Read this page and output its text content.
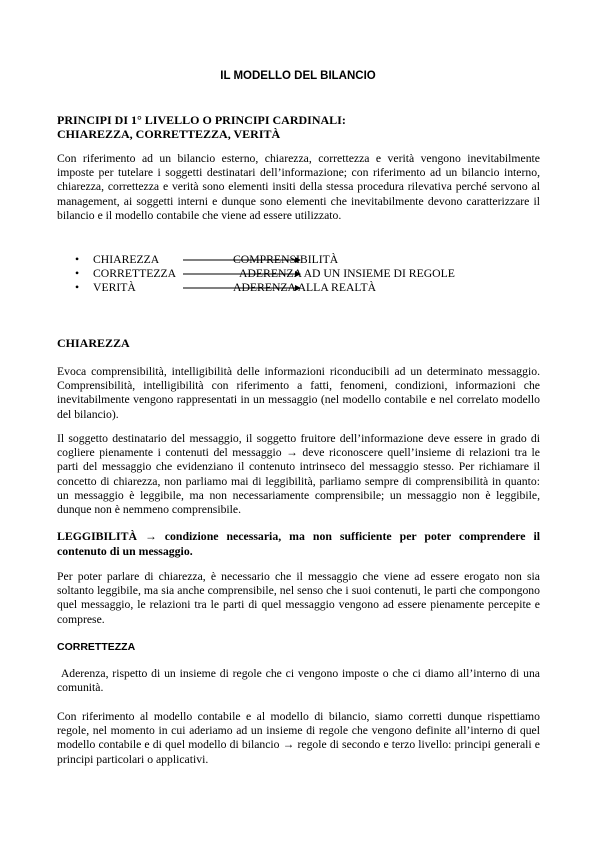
IL MODELLO DEL BILANCIO
PRINCIPI DI 1° LIVELLO O PRINCIPI CARDINALI:
CHIAREZZA, CORRETTEZZA, VERITÀ
Con riferimento ad un bilancio esterno, chiarezza, correttezza e verità vengono inevitabilmente imposte per tutelare i soggetti destinatari dell’informazione; con riferimento ad un bilancio interno, chiarezza, correttezza e verità sono elementi insiti della stessa procedura rilevativa perché servono al management, ai soggetti interni e dunque sono elementi che inevitabilmente devono caratterizzare il bilancio e il modello contabile che viene ad essere utilizzato.
• CHIAREZZA	COMPRENSIBILITÀ
• CORRETTEZZA	ADERENZA AD UN INSIEME DI REGOLE
• VERITÀ	ADERENZA ALLA REALTÀ
CHIAREZZA
Evoca comprensibilità, intelligibilità delle informazioni riconducibili ad un determinato messaggio. Comprensibilità, intelligibilità con riferimento a fatti, fenomeni, condizioni, informazioni che inevitabilmente vengono rappresentati in un messaggio (nel modello contabile e nel correlato modello del bilancio).
Il soggetto destinatario del messaggio, il soggetto fruitore dell’informazione deve essere in grado di cogliere pienamente i contenuti del messaggio → deve riconoscere quell’insieme di relazioni tra le parti del messaggio che evidenziano il contenuto intrinseco del messaggio stesso. Per richiamare il concetto di chiarezza, non parliamo mai di leggibilità, parliamo sempre di comprensibilità in quanto: un messaggio è leggibile, ma non necessariamente comprensibile; un messaggio non è leggibile, dunque non è nemmeno comprensibile.
LEGGIBILITÀ → condizione necessaria, ma non sufficiente per poter comprendere il contenuto di un messaggio.
Per poter parlare di chiarezza, è necessario che il messaggio che viene ad essere erogato non sia soltanto leggibile, ma sia anche comprensibile, nel senso che i suoi contenuti, le parti che compongono quel messaggio, le relazioni tra le parti di quel messaggio vengono ad essere pienamente percepite e comprese.
CORRETTEZZA
Aderenza, rispetto di un insieme di regole che ci vengono imposte o che ci diamo all’interno di una comunità.
Con riferimento al modello contabile e al modello di bilancio, siamo corretti dunque rispettiamo regole, nel momento in cui aderiamo ad un insieme di regole che vengono definite all’interno di quel modello contabile e di quel modello di bilancio → regole di secondo e terzo livello: principi generali e principi particolari o applicativi.
